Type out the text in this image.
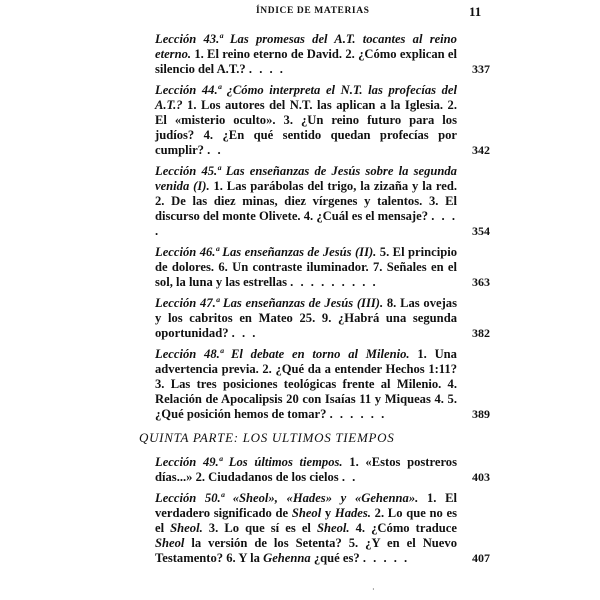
ÍNDICE DE MATERIAS	11
Lección 43.ª Las promesas del A.T. tocantes al reino eterno. 1. El reino eterno de David. 2. ¿Cómo explican el silencio del A.T.? . . . .	337
Lección 44.ª ¿Cómo interpreta el N.T. las profecías del A.T.? 1. Los autores del N.T. las aplican a la Iglesia. 2. El «misterio oculto». 3. ¿Un reino futuro para los judíos? 4. ¿En qué sentido quedan profecías por cumplir? . .	342
Lección 45.ª Las enseñanzas de Jesús sobre la segunda venida (I). 1. Las parábolas del trigo, la zizaña y la red. 2. De las diez minas, diez vírgenes y talentos. 3. El discurso del monte Olivete. 4. ¿Cuál es el mensaje? . . . .	354
Lección 46.ª Las enseñanzas de Jesús (II). 5. El principio de dolores. 6. Un contraste iluminador. 7. Señales en el sol, la luna y las estrellas . . . . . . . . .	363
Lección 47.ª Las enseñanzas de Jesús (III). 8. Las ovejas y los cabritos en Mateo 25. 9. ¿Habrá una segunda oportunidad? . . .	382
Lección 48.ª El debate en torno al Milenio. 1. Una advertencia previa. 2. ¿Qué da a entender Hechos 1:11? 3. Las tres posiciones teológicas frente al Milenio. 4. Relación de Apocalipsis 20 con Isaías 11 y Miqueas 4. 5. ¿Qué posición hemos de tomar? . . . . . .	389
QUINTA PARTE: LOS ULTIMOS TIEMPOS
Lección 49.ª Los últimos tiempos. 1. «Estos postreros días...» 2. Ciudadanos de los cielos . .	403
Lección 50.ª «Sheol», «Hades» y «Gehenna». 1. El verdadero significado de Sheol y Hades. 2. Lo que no es el Sheol. 3. Lo que sí es el Sheol. 4. ¿Cómo traduce Sheol la versión de los Setenta? 5. ¿Y en el Nuevo Testamento? 6. Y la Gehenna ¿qué es? . . . . .	407
·
